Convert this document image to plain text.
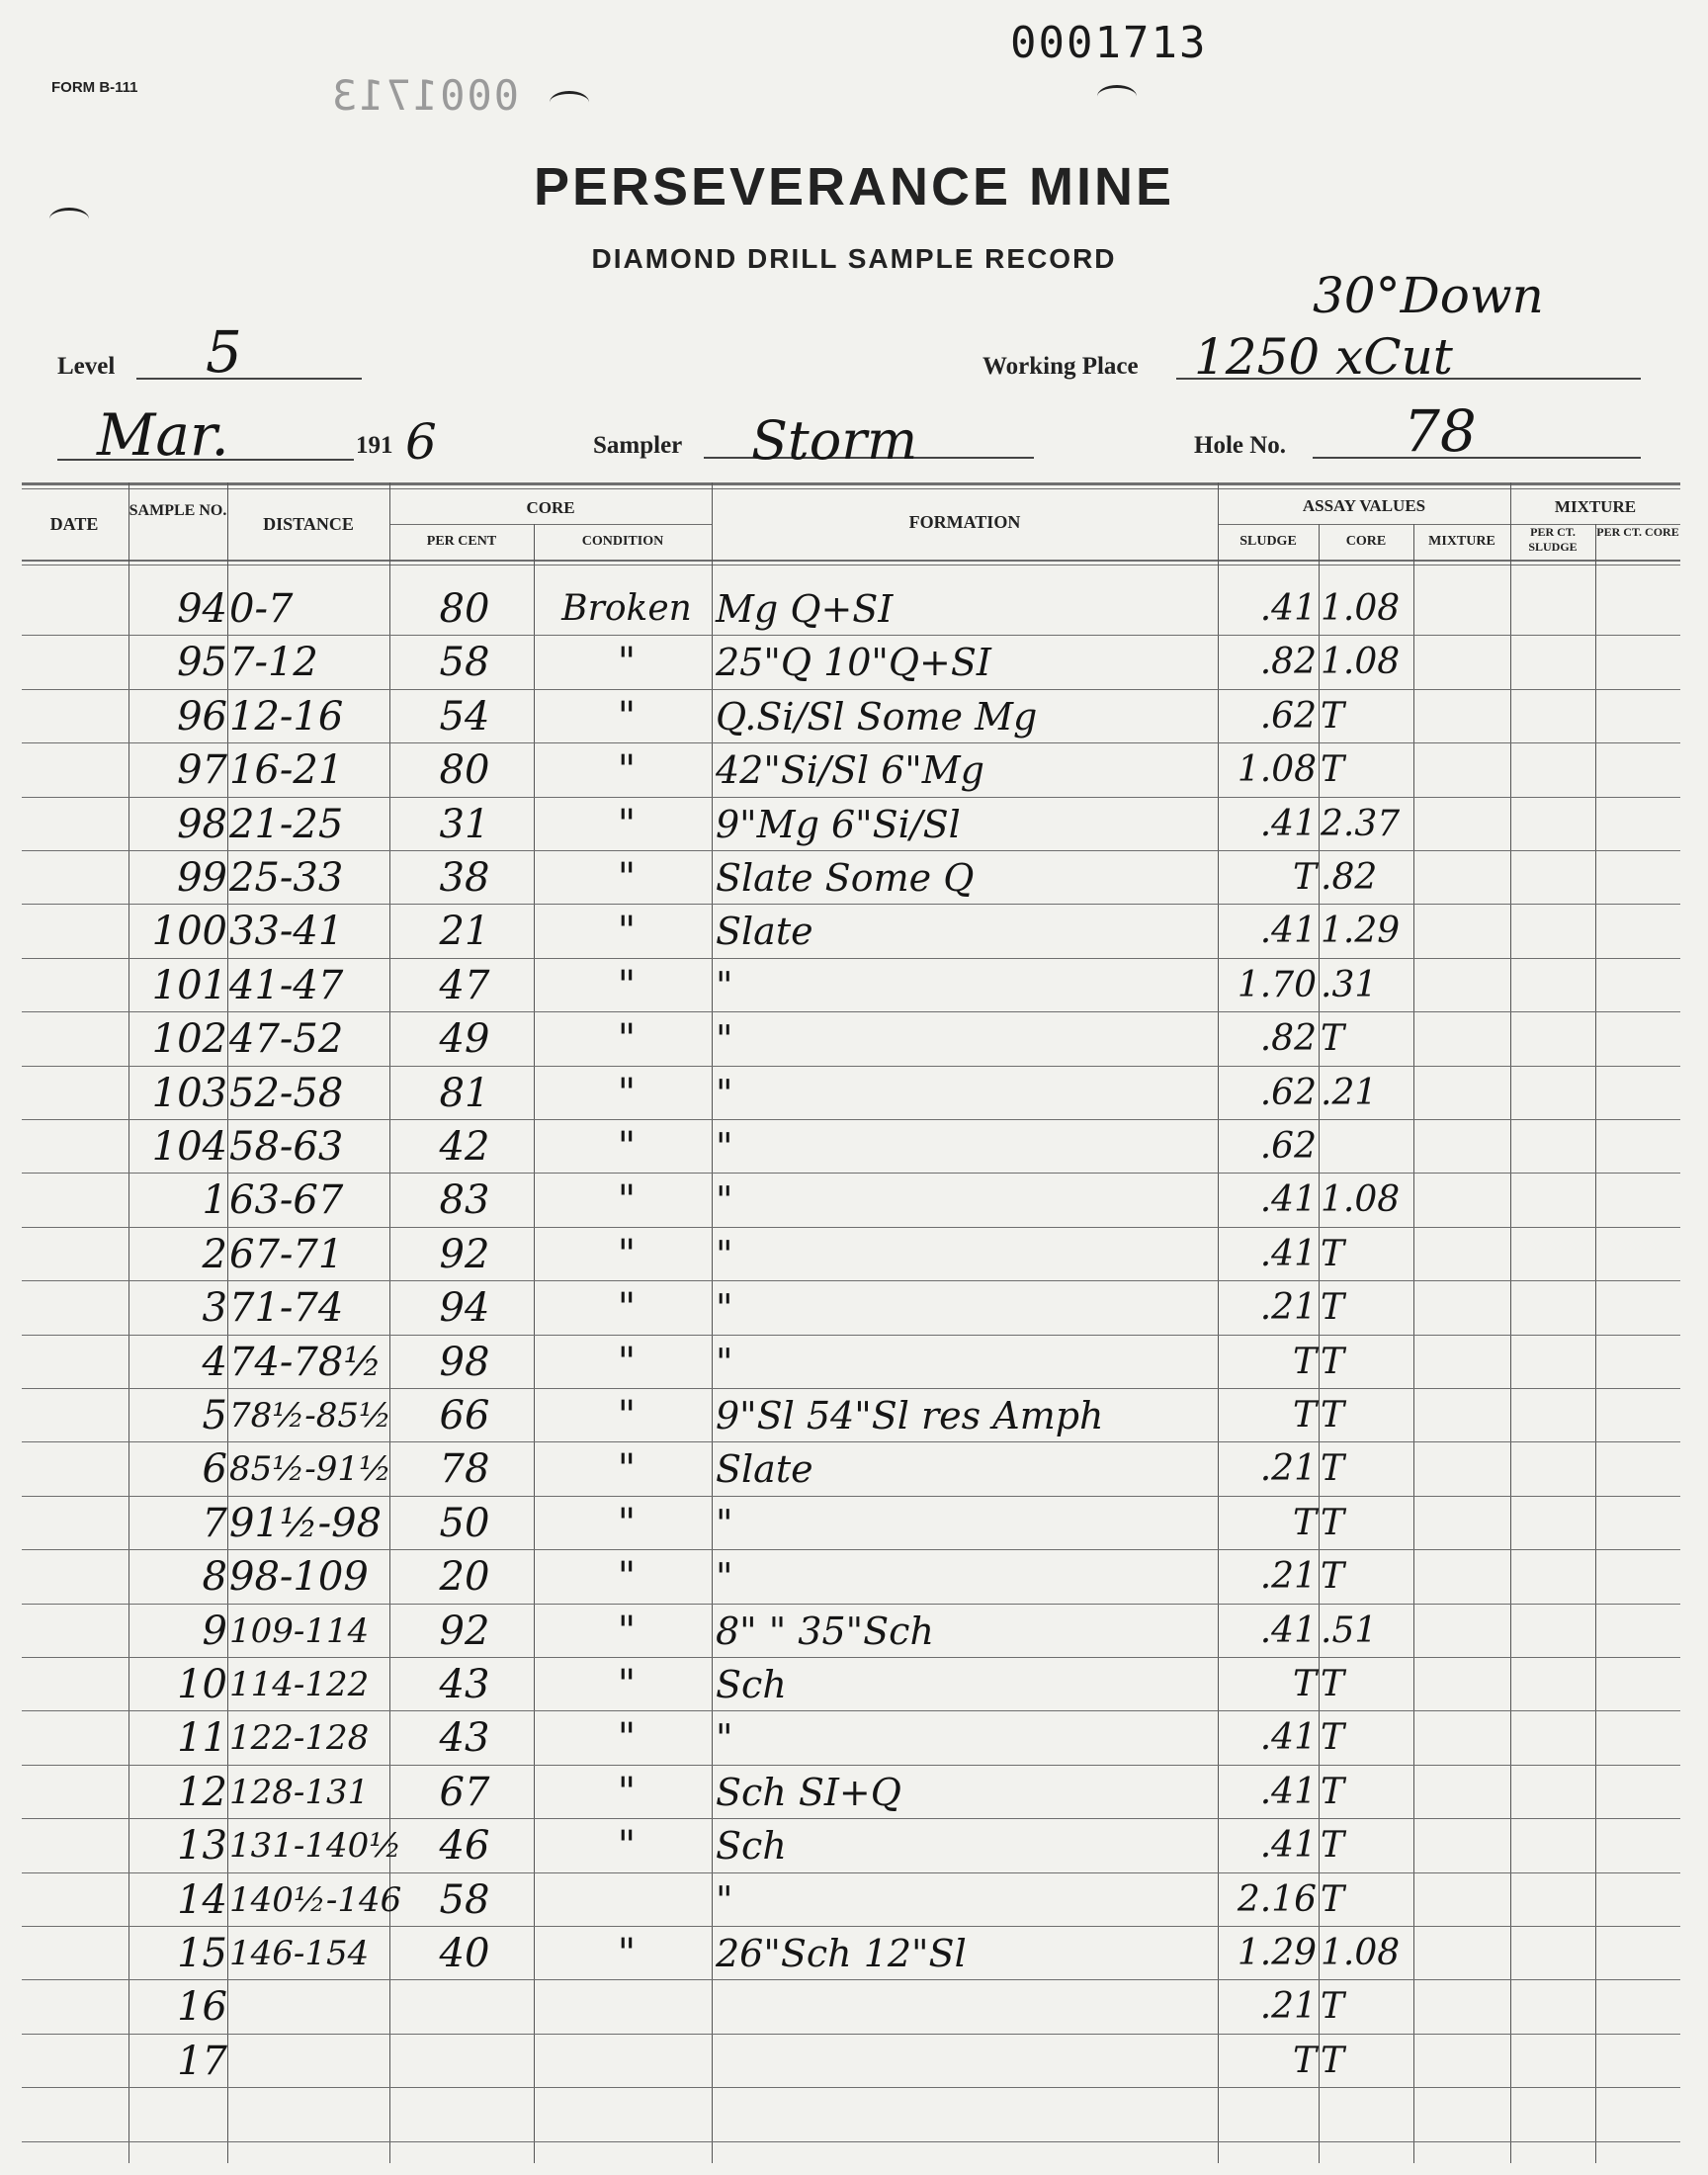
FORM B-111
0001713
0001713
PERSEVERANCE MINE
DIAMOND DRILL SAMPLE RECORD
Level 5
30°Down
Working Place 1250 xCut
Mar.	191 6	Sampler Storm	Hole No. 78
DATE
SAMPLE NO.
DISTANCE
CORE
PER CENT	CONDITION
FORMATION
ASSAY VALUES
SLUDGE	CORE	MIXTURE
MIXTURE
PER CT. SLUDGE
PER CT. CORE
94 0-7	80	Broken Mg Q+SI	.41 1.08
95 7-12	58	"	25"Q 10"Q+SI	.82 1.08
96 12-16	54	"	Q.Si/Sl Some Mg	.62 T
97 16-21	80	"	42"Si/Sl 6"Mg	1.08 T
98 21-25	31	"	9"Mg 6"Si/Sl	.41 2.37
99 25-33	38	"	Slate Some Q	T .82
100 33-41	21	"	Slate	.41 1.29
101 41-47	47	"	"	1.70 .31
102 47-52	49	"	"	.82 T
103 52-58	81	"	"	.62 .21
104 58-63	42	"	"	.62
1 63-67	83	"	"	.41 1.08
2 67-71	92	"	"	.41 T
3 71-74	94	"	"	.21 T
4 74-78½	98	"	"	T T
5 78½-85½	66	"	9"Sl 54"Sl res Amph	T T
6 85½-91½	78	"	Slate	.21 T
7 91½-98	50	"	"	T T
8 98-109	20	"	"	.21 T
9 109-114	92	"	8" " 35"Sch	.41 .51
10 114-122	43	"	Sch	T T
11 122-128	43	"	"	.41 T
12 128-131	67	"	Sch SI+Q	.41 T
13 131-140½ 46	"	Sch	.41 T
14 140½-146 58	"	2.16 T
15 146-154	40	"	26"Sch 12"Sl	1.29 1.08
16	.21 T
17	T T
